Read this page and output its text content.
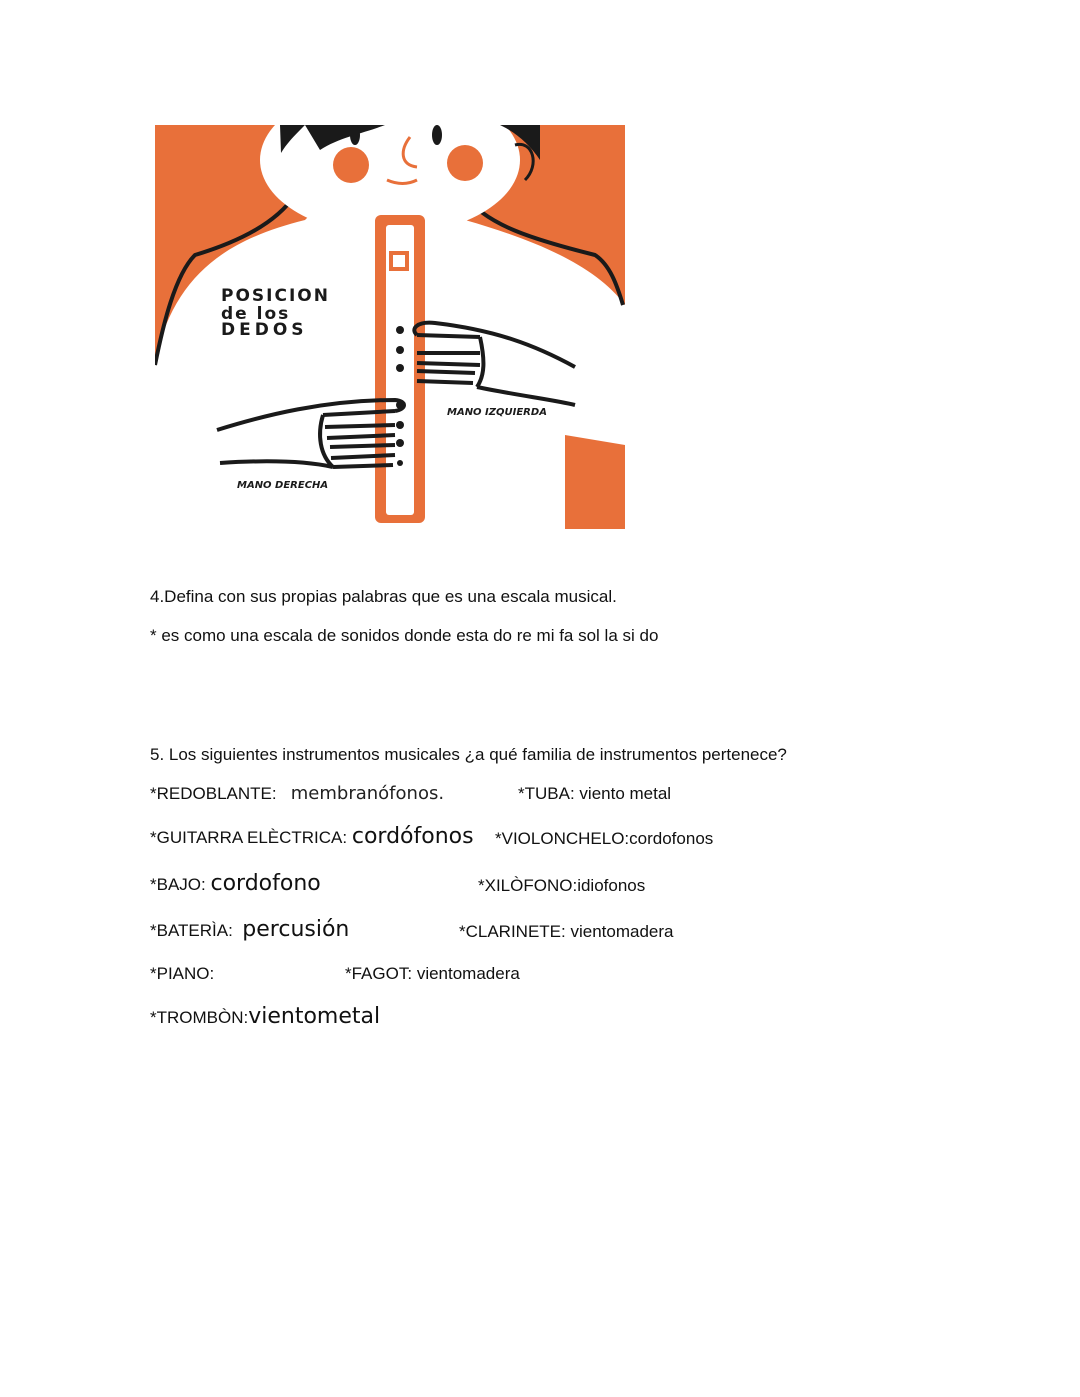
POSICION
de los
DEDOS
MANO IZQUIERDA
MANO DERECHA
4.Defina con sus propias palabras que es una escala musical.
* es como una escala de sonidos donde esta do re mi fa sol la si do
5. Los siguientes instrumentos musicales ¿a qué familia de instrumentos pertenece?
*REDOBLANTE: membranófonos.	*TUBA: viento metal
*GUITARRA ELÈCTRICA: cordófonos *VIOLONCHELO:cordofonos
*BAJO: cordofono	*XILÒFONO:idiofonos
*BATERÌA: percusión	*CLARINETE: vientomadera
*PIANO:	*FAGOT: vientomadera
*TROMBÒN:vientometal
